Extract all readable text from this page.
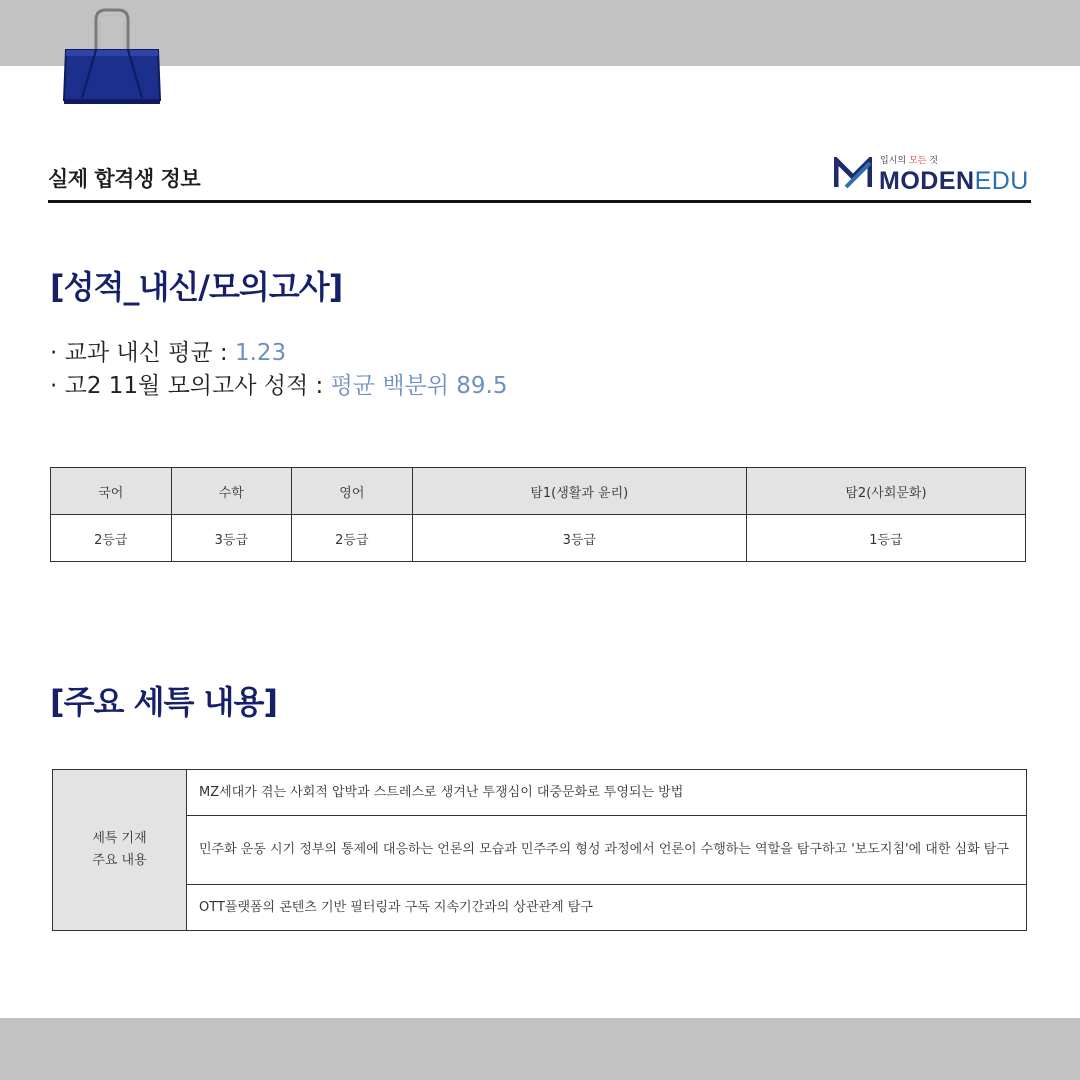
실제 합격생 정보
입시의 모든 것
MODENEDU
[성적_내신/모의고사]
· 교과 내신 평균 : 1.23
· 고2 11월 모의고사 성적 : 평균 백분위 89.5
국어	수학	영어	탐1(생활과 윤리)	탐2(사회문화)
2등급	3등급	2등급	3등급	1등급
[주요 세특 내용]
세특 기재
주요 내용
	MZ세대가 겪는 사회적 압박과 스트레스로 생겨난 투쟁심이 대중문화로 투영되는 방법
민주화 운동 시기 정부의 통제에 대응하는 언론의 모습과 민주주의 형성 과정에서 언론이 수행하는 역할을 탐구하고 '보도지침'에 대한 심화 탐구
OTT플랫폼의 콘텐츠 기반 필터링과 구독 지속기간과의 상관관계 탐구
